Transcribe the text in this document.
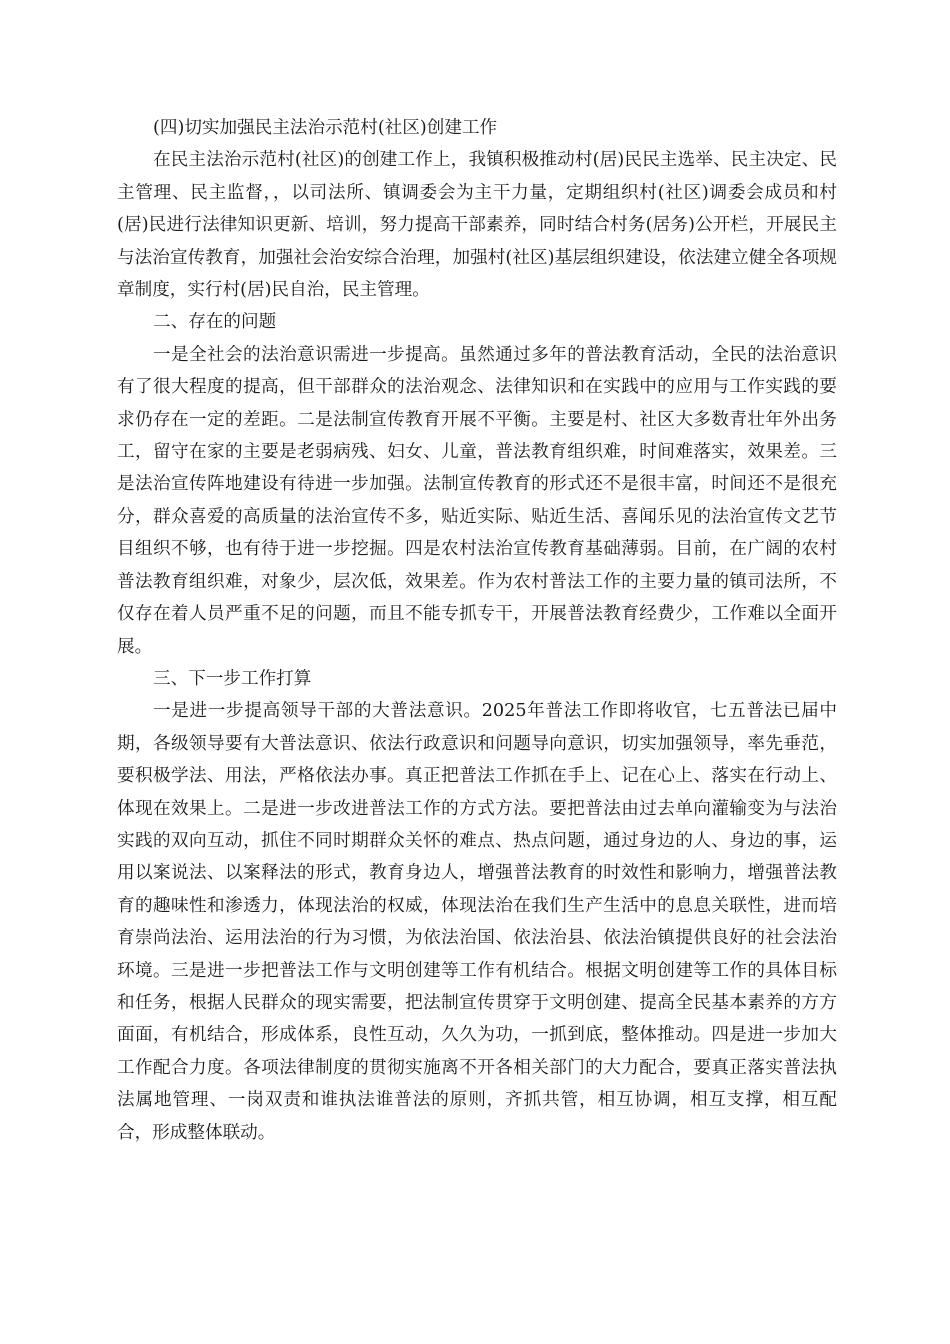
(四)切实加强民主法治示范村(社区)创建工作

在民主法治示范村(社区)的创建工作上，我镇积极推动村(居)民民主选举、民主决定、民主管理、民主监督，，以司法所、镇调委会为主干力量，定期组织村(社区)调委会成员和村(居)民进行法律知识更新、培训，努力提高干部素养，同时结合村务(居务)公开栏，开展民主与法治宣传教育，加强社会治安综合治理，加强村(社区)基层组织建设，依法建立健全各项规章制度，实行村(居)民自治，民主管理。

二、存在的问题

一是全社会的法治意识需进一步提高。虽然通过多年的普法教育活动，全民的法治意识有了很大程度的提高，但干部群众的法治观念、法律知识和在实践中的应用与工作实践的要求仍存在一定的差距。二是法制宣传教育开展不平衡。主要是村、社区大多数青壮年外出务工，留守在家的主要是老弱病残、妇女、儿童，普法教育组织难，时间难落实，效果差。三是法治宣传阵地建设有待进一步加强。法制宣传教育的形式还不是很丰富，时间还不是很充分，群众喜爱的高质量的法治宣传不多，贴近实际、贴近生活、喜闻乐见的法治宣传文艺节目组织不够，也有待于进一步挖掘。四是农村法治宣传教育基础薄弱。目前，在广阔的农村普法教育组织难，对象少，层次低，效果差。作为农村普法工作的主要力量的镇司法所，不仅存在着人员严重不足的问题，而且不能专抓专干，开展普法教育经费少，工作难以全面开展。

三、下一步工作打算

一是进一步提高领导干部的大普法意识。2025年普法工作即将收官，七五普法已届中期，各级领导要有大普法意识、依法行政意识和问题导向意识，切实加强领导，率先垂范，要积极学法、用法，严格依法办事。真正把普法工作抓在手上、记在心上、落实在行动上、体现在效果上。二是进一步改进普法工作的方式方法。要把普法由过去单向灌输变为与法治实践的双向互动，抓住不同时期群众关怀的难点、热点问题，通过身边的人、身边的事，运用以案说法、以案释法的形式，教育身边人，增强普法教育的时效性和影响力，增强普法教育的趣味性和渗透力，体现法治的权威，体现法治在我们生产生活中的息息关联性，进而培育崇尚法治、运用法治的行为习惯，为依法治国、依法治县、依法治镇提供良好的社会法治环境。三是进一步把普法工作与文明创建等工作有机结合。根据文明创建等工作的具体目标和任务，根据人民群众的现实需要，把法制宣传贯穿于文明创建、提高全民基本素养的方方面面，有机结合，形成体系，良性互动，久久为功，一抓到底，整体推动。四是进一步加大工作配合力度。各项法律制度的贯彻实施离不开各相关部门的大力配合，要真正落实普法执法属地管理、一岗双责和谁执法谁普法的原则，齐抓共管，相互协调，相互支撑，相互配合，形成整体联动。
